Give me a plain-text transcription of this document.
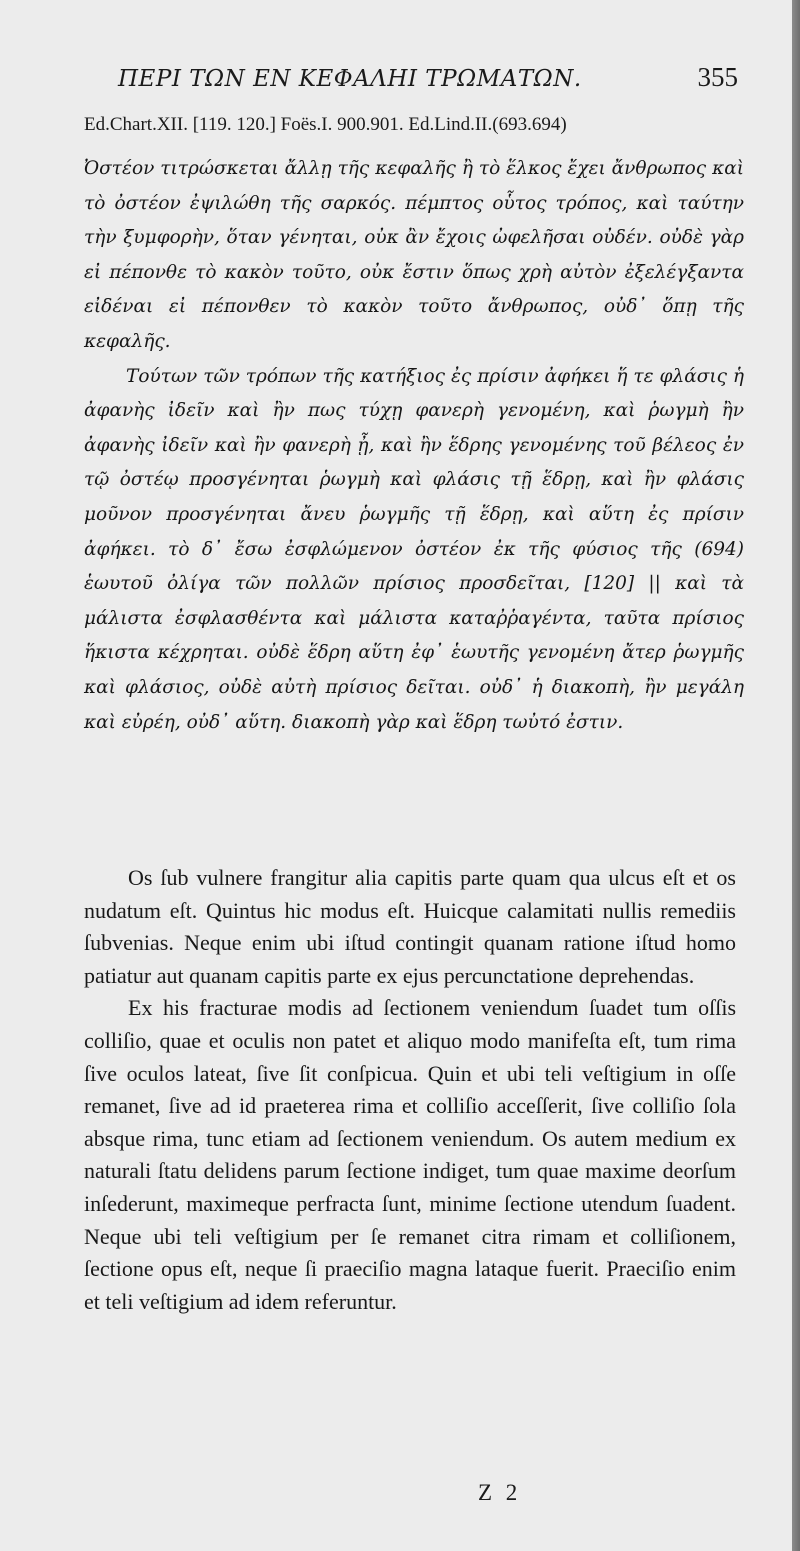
ΠΕΡΙ ΤΩΝ ΕΝ ΚΕΦΑΛΗΙ ΤΡΩΜΑΤΩΝ.	355
Ed.Chart.XII. [119. 120.] Foës.I. 900.901. Ed.Lind.II.(693.694)

Ὀστέον τιτρώσκεται ἄλλῃ τῆς κεφαλῆς ἢ τὸ ἕλκος ἔχει ἄνθρωπος καὶ τὸ ὀστέον ἐψιλώθη τῆς σαρκός. πέμπτος οὗτος τρόπος, καὶ ταύτην τὴν ξυμφορὴν, ὅταν γένηται, οὐκ ἂν ἔχοις ὠφελῆσαι οὐδέν. οὐδὲ γὰρ εἰ πέπονθε τὸ κακὸν τοῦτο, οὐκ ἔστιν ὅπως χρὴ αὐτὸν ἐξελέγξαντα εἰδέναι εἰ πέπονθεν τὸ κακὸν τοῦτο ἄνθρωπος, οὐδ᾽ ὅπῃ τῆς κεφαλῆς.

Τούτων τῶν τρόπων τῆς κατήξιος ἐς πρίσιν ἀφήκει ἥ τε φλάσις ἡ ἀφανὴς ἰδεῖν καὶ ἢν πως τύχῃ φανερὴ γενομένη, καὶ ῥωγμὴ ἢν ἀφανὴς ἰδεῖν καὶ ἢν φανερὴ ᾖ, καὶ ἢν ἕδρης γενομένης τοῦ βέλεος ἐν τῷ ὀστέῳ προσγένηται ῥωγμὴ καὶ φλάσις τῇ ἕδρῃ, καὶ ἢν φλάσις μοῦνον προσγένηται ἄνευ ῥωγμῆς τῇ ἕδρῃ, καὶ αὕτη ἐς πρίσιν ἀφήκει. τὸ δ᾽ ἔσω ἐσφλώμενον ὀστέον ἐκ τῆς φύσιος τῆς (694) ἑωυτοῦ ὀλίγα τῶν πολλῶν πρίσιος προσδεῖται, [120] || καὶ τὰ μάλιστα ἐσφλασθέντα καὶ μάλιστα καταῤῥαγέντα, ταῦτα πρίσιος ἥκιστα κέχρηται. οὐδὲ ἕδρη αὕτη ἐφ᾽ ἑωυτῆς γενομένη ἄτερ ῥωγμῆς καὶ φλάσιος, οὐδὲ αὐτὴ πρίσιος δεῖται. οὐδ᾽ ἡ διακοπὴ, ἢν μεγάλη καὶ εὐρέη, οὐδ᾽ αὕτη. διακοπὴ γὰρ καὶ ἕδρη τωὐτό ἐστιν.

Os ſub vulnere frangitur alia capitis parte quam qua ulcus eſt et os nudatum eſt. Quintus hic modus eſt. Huicque calamitati nullis remediis ſubvenias. Neque enim ubi iſtud contingit quanam ratione iſtud homo patiatur aut quanam capitis parte ex ejus percunctatione deprehendas.

Ex his fracturae modis ad ſectionem veniendum ſuadet tum oſſis colliſio, quae et oculis non patet et aliquo modo manifeſta eſt, tum rima ſive oculos lateat, ſive ſit conſpicua. Quin et ubi teli veſtigium in oſſe remanet, ſive ad id praeterea rima et colliſio acceſſerit, ſive colliſio ſola absque rima, tunc etiam ad ſectionem veniendum. Os autem medium ex naturali ſtatu delidens parum ſectione indiget, tum quae maxime deorſum inſederunt, maximeque perfracta ſunt, minime ſectione utendum ſuadent. Neque ubi teli veſtigium per ſe remanet citra rimam et colliſionem, ſectione opus eſt, neque ſi praeciſio magna lataque fuerit. Praeciſio enim et teli veſtigium ad idem referuntur.

Z 2
